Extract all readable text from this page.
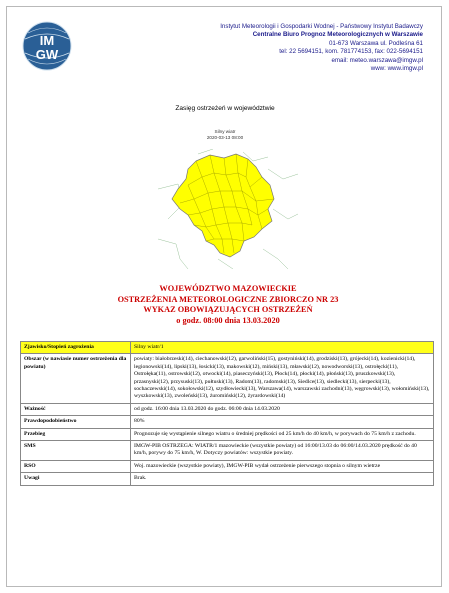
IM
GW
Instytut Meteorologii i Gospodarki Wodnej - Państwowy Instytut Badawczy
Centralne Biuro Prognoz Meteorologicznych w Warszawie
01-673 Warszawa ul. Podleśna 61
tel: 22 5694151, kom. 781774153, fax: 022-5694151
email: meteo.warszawa@imgw.pl
www: www.imgw.pl
Zasięg ostrzeżeń w województwie
Silny wiatr
2020-03-13 08:00
WOJEWÓDZTWO MAZOWIECKIE
OSTRZEŻENIA METEOROLOGICZNE ZBIORCZO NR 23
WYKAZ OBOWIĄZUJĄCYCH OSTRZEŻEŃ
o godz. 08:00 dnia 13.03.2020
Zjawisko/Stopień zagrożenia	Silny wiatr/1
Obszar (w nawiasie numer ostrzeżenia dla powiatu)	powiaty: białobrzeski(14), ciechanowski(12), garwoliński(15), gostyniński(14), grodziski(13), grójecki(14), kozienicki(14), legionowski(14), lipski(13), łosicki(13), makowski(12), miński(13), mławski(12), nowodworski(13), ostrołęcki(11), Ostrołęka(11), ostrowski(12), otwocki(14), piaseczyński(13), Płock(14), płocki(14), płoński(13), pruszkowski(13), przasnyski(12), przysuski(13), pułtuski(13), Radom(13), radomski(13), Siedlce(13), siedlecki(13), sierpecki(13), sochaczewski(14), sokołowski(12), szydłowiecki(13), Warszawa(14), warszawski zachodni(13), węgrowski(13), wołomiński(13), wyszkowski(13), zwoleński(13), żuromiński(12), żyrardowski(14)
Ważność	od godz. 16:00 dnia 13.03.2020 do godz. 06:00 dnia 14.03.2020
Prawdopodobieństwo	80%
Przebieg	Prognozuje się wystąpienie silnego wiatru o średniej prędkości od 25 km/h do 40 km/h, w porywach do 75 km/h z zachodu.
SMS	IMGW-PIB OSTRZEGA: WIATR/1 mazowieckie (wszystkie powiaty) od 16:00/13.03 do 06:00/14.03.2020 prędkość do 40 km/h, porywy do 75 km/h, W. Dotyczy powiatów: wszystkie powiaty.
RSO	Woj. mazowieckie (wszystkie powiaty), IMGW-PIB wydał ostrzeżenie pierwszego stopnia o silnym wietrze
Uwagi	Brak.
